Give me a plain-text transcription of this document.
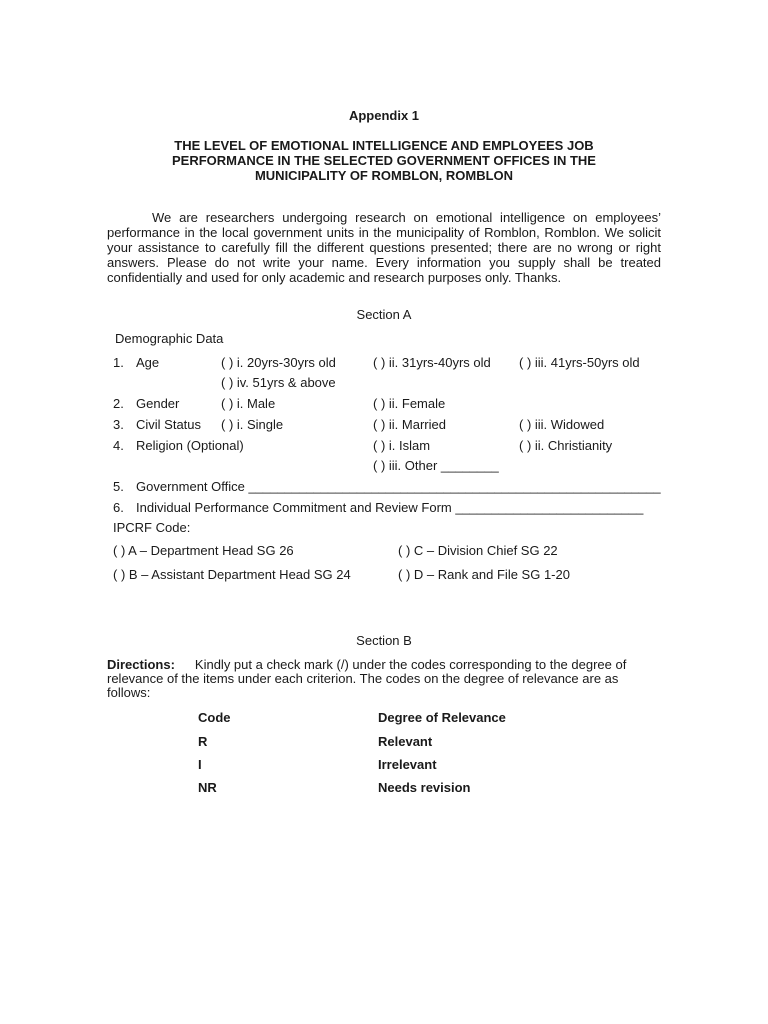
Appendix 1
THE LEVEL OF EMOTIONAL INTELLIGENCE AND EMPLOYEES JOB
PERFORMANCE IN THE SELECTED GOVERNMENT OFFICES IN THE
MUNICIPALITY OF ROMBLON, ROMBLON
We are researchers undergoing research on emotional intelligence on employees’ performance in the local government units in the municipality of Romblon, Romblon. We solicit your assistance to carefully fill the different questions presented; there are no wrong or right answers. Please do not write your name. Every information you supply shall be treated confidentially and used for only academic and research purposes only. Thanks.
Section A
Demographic Data
1. Age	( ) i. 20yrs-30yrs old	( ) ii. 31yrs-40yrs old ( ) iii. 41yrs-50yrs old
( ) iv. 51yrs & above
2. Gender	( ) i. Male	( ) ii. Female
3. Civil Status ( ) i. Single	( ) ii. Married	( ) iii. Widowed
4. Religion (Optional)	( ) i. Islam	( ) ii. Christianity
( ) iii. Other ________
5. Government Office _________________________________________________________
6. Individual Performance Commitment and Review Form __________________________
IPCRF Code:
( ) A – Department Head SG 26	( ) C – Division Chief SG 22
( ) B – Assistant Department Head SG 24	( ) D – Rank and File SG 1-20
Section B
Directions: Kindly put a check mark (/) under the codes corresponding to the degree of relevance of the items under each criterion. The codes on the degree of relevance are as follows:
Code	Degree of Relevance
R	Relevant
I	Irrelevant
NR	Needs revision
